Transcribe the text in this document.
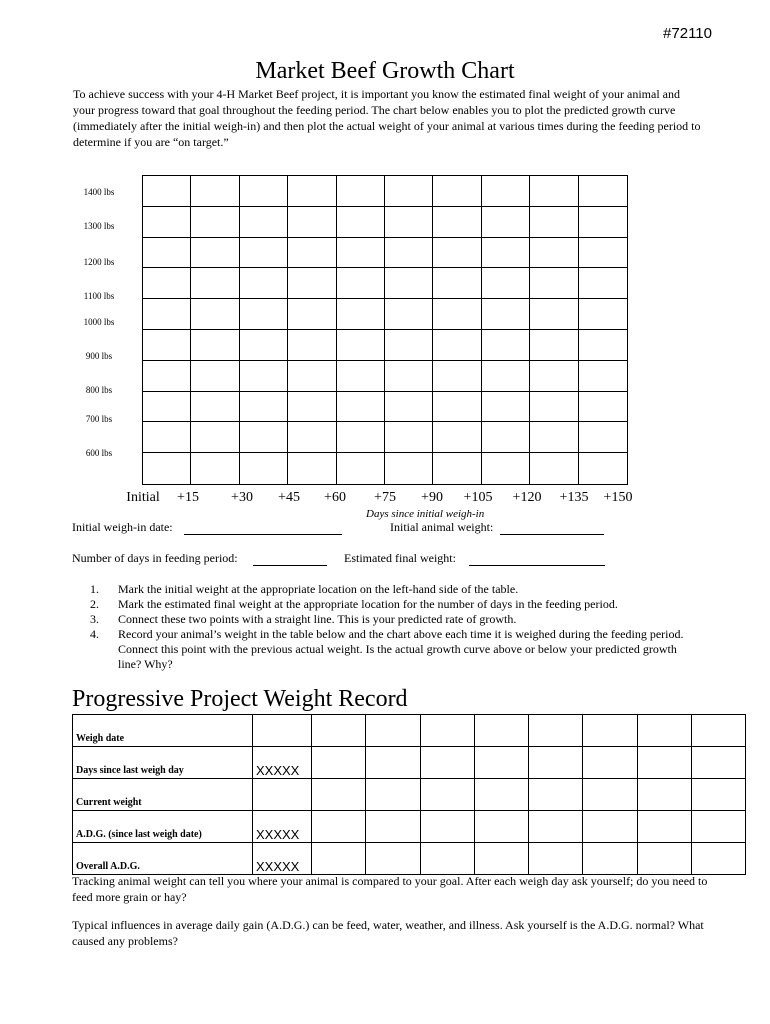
#72110
Market Beef Growth Chart

To achieve success with your 4-H Market Beef project, it is important you know the estimated final weight of your animal and your progress toward that goal throughout the feeding period. The chart below enables you to plot the predicted growth curve (immediately after the initial weigh-in) and then plot the actual weight of your animal at various times during the feeding period to determine if you are “on target.”

1400 lbs
1300 lbs
1200 lbs
1100 lbs
1000 lbs
900 lbs
800 lbs
700 lbs
600 lbs
Initial +15 +30 +45 +60 +75 +90 +105 +120 +135 +150
Days since initial weigh-in
Initial weigh-in date:	Initial animal weight:
Number of days in feeding period:	Estimated final weight:
1. Mark the initial weight at the appropriate location on the left-hand side of the table.
2. Mark the estimated final weight at the appropriate location for the number of days in the feeding period.
3. Connect these two points with a straight line. This is your predicted rate of growth.
4. Record your animal’s weight in the table below and the chart above each time it is weighed during the feeding period. Connect this point with the previous actual weight. Is the actual growth curve above or below your predicted growth line? Why?
Progressive Project Weight Record
Weigh date									
Days since last weigh day	XXXXX								
Current weight									
A.D.G. (since last weigh date)	XXXXX								
Overall A.D.G.	XXXXX								

Tracking animal weight can tell you where your animal is compared to your goal. After each weigh day ask yourself; do you need to feed more grain or hay?

Typical influences in average daily gain (A.D.G.) can be feed, water, weather, and illness. Ask yourself is the A.D.G. normal? What caused any problems?
